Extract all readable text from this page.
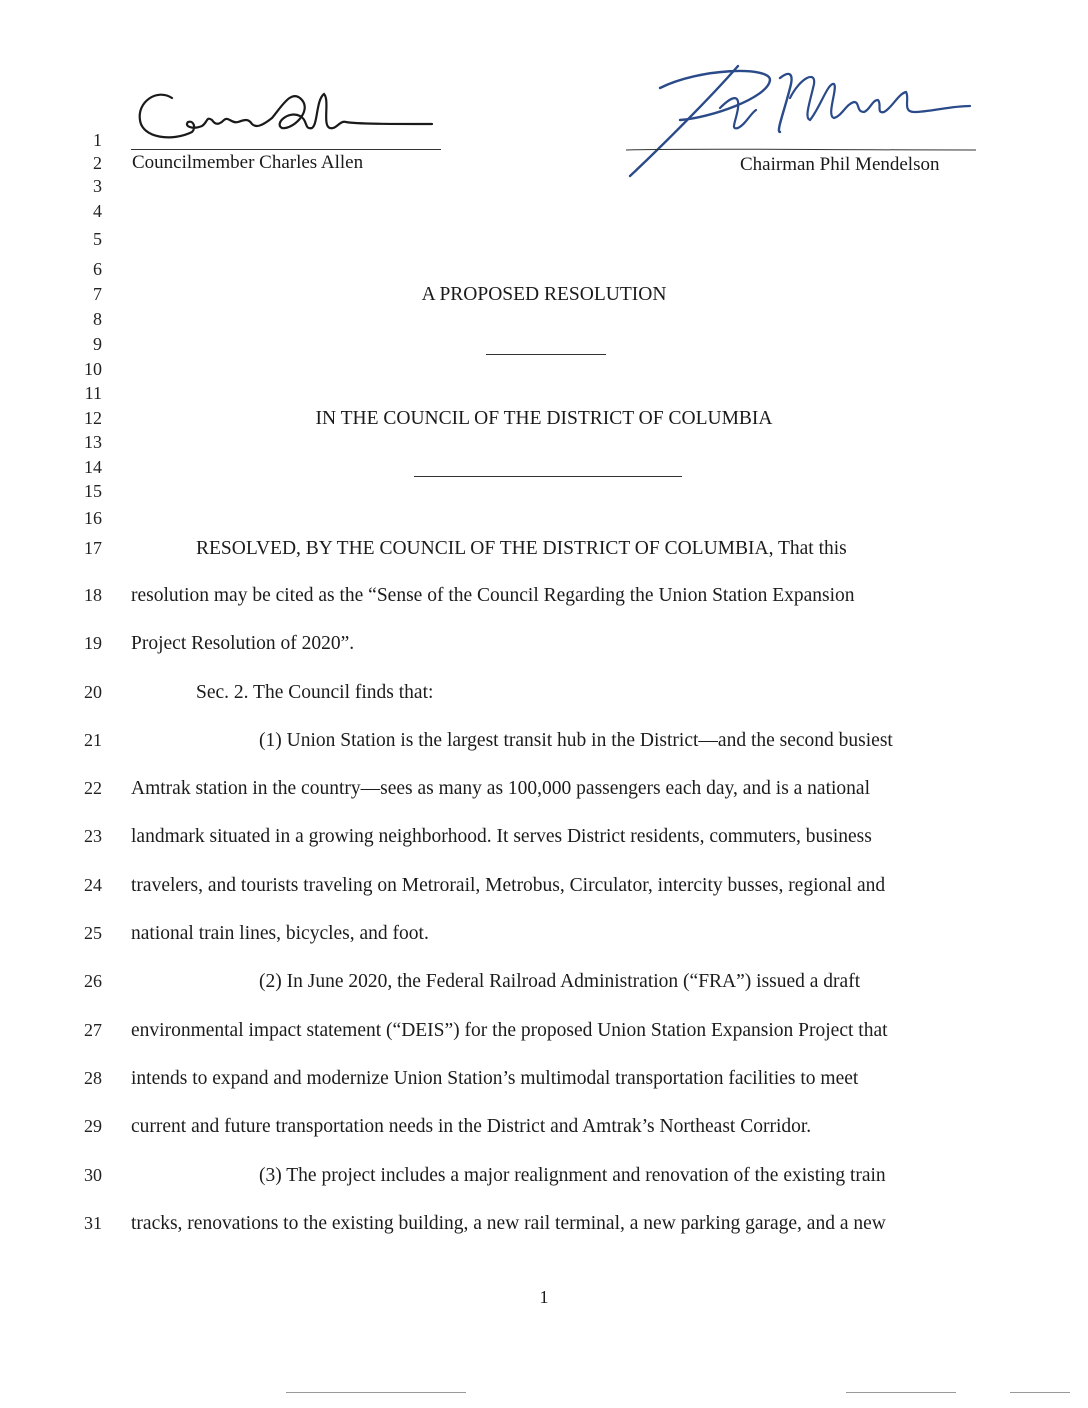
Councilmember Charles Allen	Chairman Phil Mendelson
1
2
3
4
5
6
7
8
9
10
11
12
13
14
15
16
17
18
19
20
21
22
23
24
25
26
27
28
29
30
31
A PROPOSED RESOLUTION
IN THE COUNCIL OF THE DISTRICT OF COLUMBIA
RESOLVED, BY THE COUNCIL OF THE DISTRICT OF COLUMBIA, That this
resolution may be cited as the “Sense of the Council Regarding the Union Station Expansion
Project Resolution of 2020”.
Sec. 2. The Council finds that:
(1) Union Station is the largest transit hub in the District—and the second busiest
Amtrak station in the country—sees as many as 100,000 passengers each day, and is a national
landmark situated in a growing neighborhood. It serves District residents, commuters, business
travelers, and tourists traveling on Metrorail, Metrobus, Circulator, intercity busses, regional and
national train lines, bicycles, and foot.
(2) In June 2020, the Federal Railroad Administration (“FRA”) issued a draft
environmental impact statement (“DEIS”) for the proposed Union Station Expansion Project that
intends to expand and modernize Union Station’s multimodal transportation facilities to meet
current and future transportation needs in the District and Amtrak’s Northeast Corridor.
(3) The project includes a major realignment and renovation of the existing train
tracks, renovations to the existing building, a new rail terminal, a new parking garage, and a new
1
